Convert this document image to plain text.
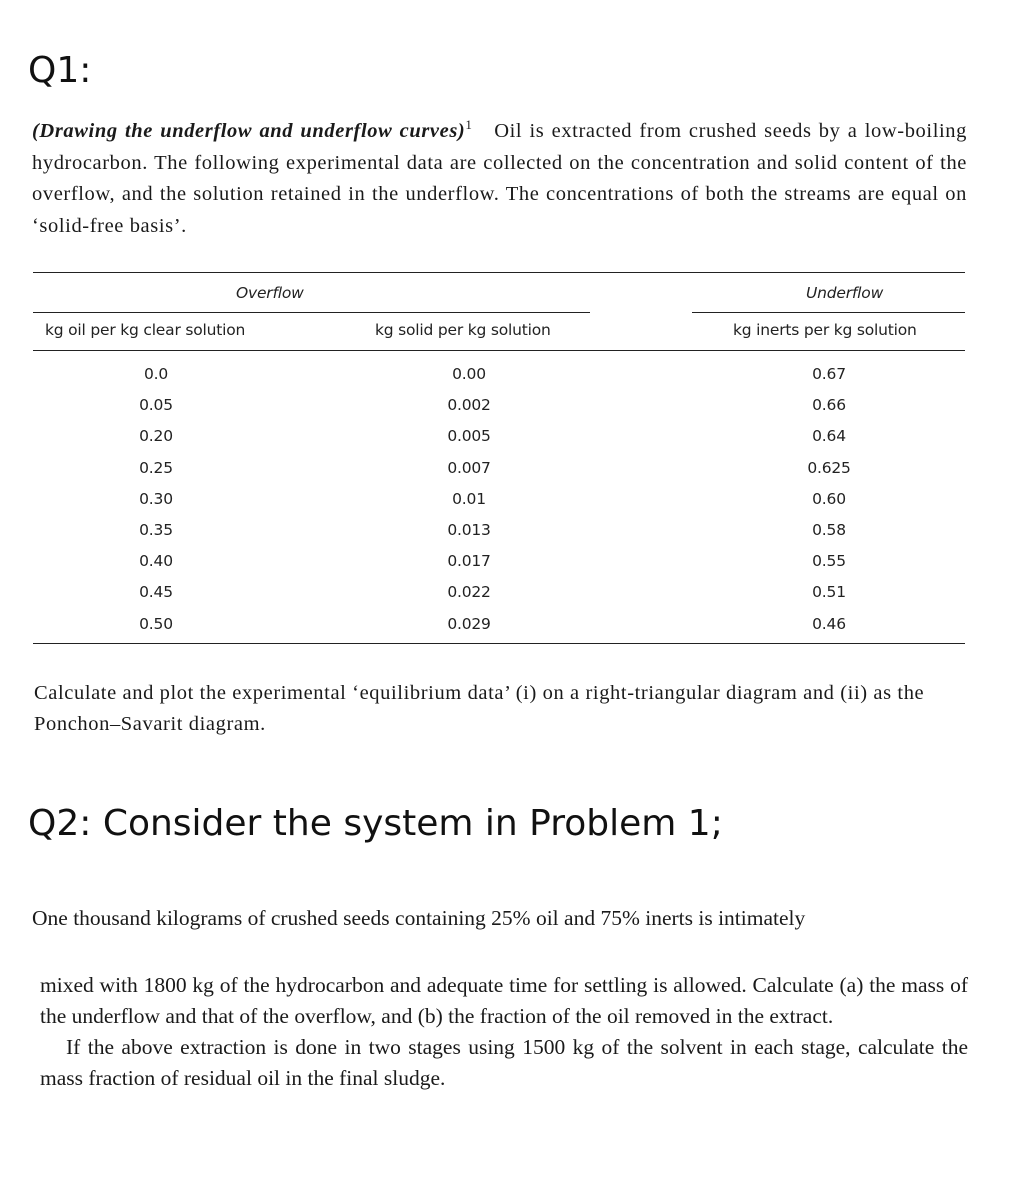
Q1:
(Drawing the underflow and underflow curves)$^1$ Oil is extracted from crushed seeds by a low-boiling hydrocarbon. The following experimental data are collected on the concentration and solid content of the overflow, and the solution retained in the underflow. The concentrations of both the streams are equal on ‘solid-free basis’.
Overflow	Underflow
kg oil per kg clear solution	kg solid per kg solution	kg inerts per kg solution
0.0	0.00	0.67
0.05	0.002	0.66
0.20	0.005	0.64
0.25	0.007	0.625
0.30	0.01	0.60
0.35	0.013	0.58
0.40	0.017	0.55
0.45	0.022	0.51
0.50	0.029	0.46
Calculate and plot the experimental ‘equilibrium data’ (i) on a right-triangular diagram and (ii) as the Ponchon–Savarit diagram.
Q2: Consider the system in Problem 1;
One thousand kilograms of crushed seeds containing 25% oil and 75% inerts is intimately

mixed with 1800 kg of the hydrocarbon and adequate time for settling is allowed. Calculate (a) the mass of the underflow and that of the overflow, and (b) the fraction of the oil removed in the extract.

If the above extraction is done in two stages using 1500 kg of the solvent in each stage, calculate the mass fraction of residual oil in the final sludge.
